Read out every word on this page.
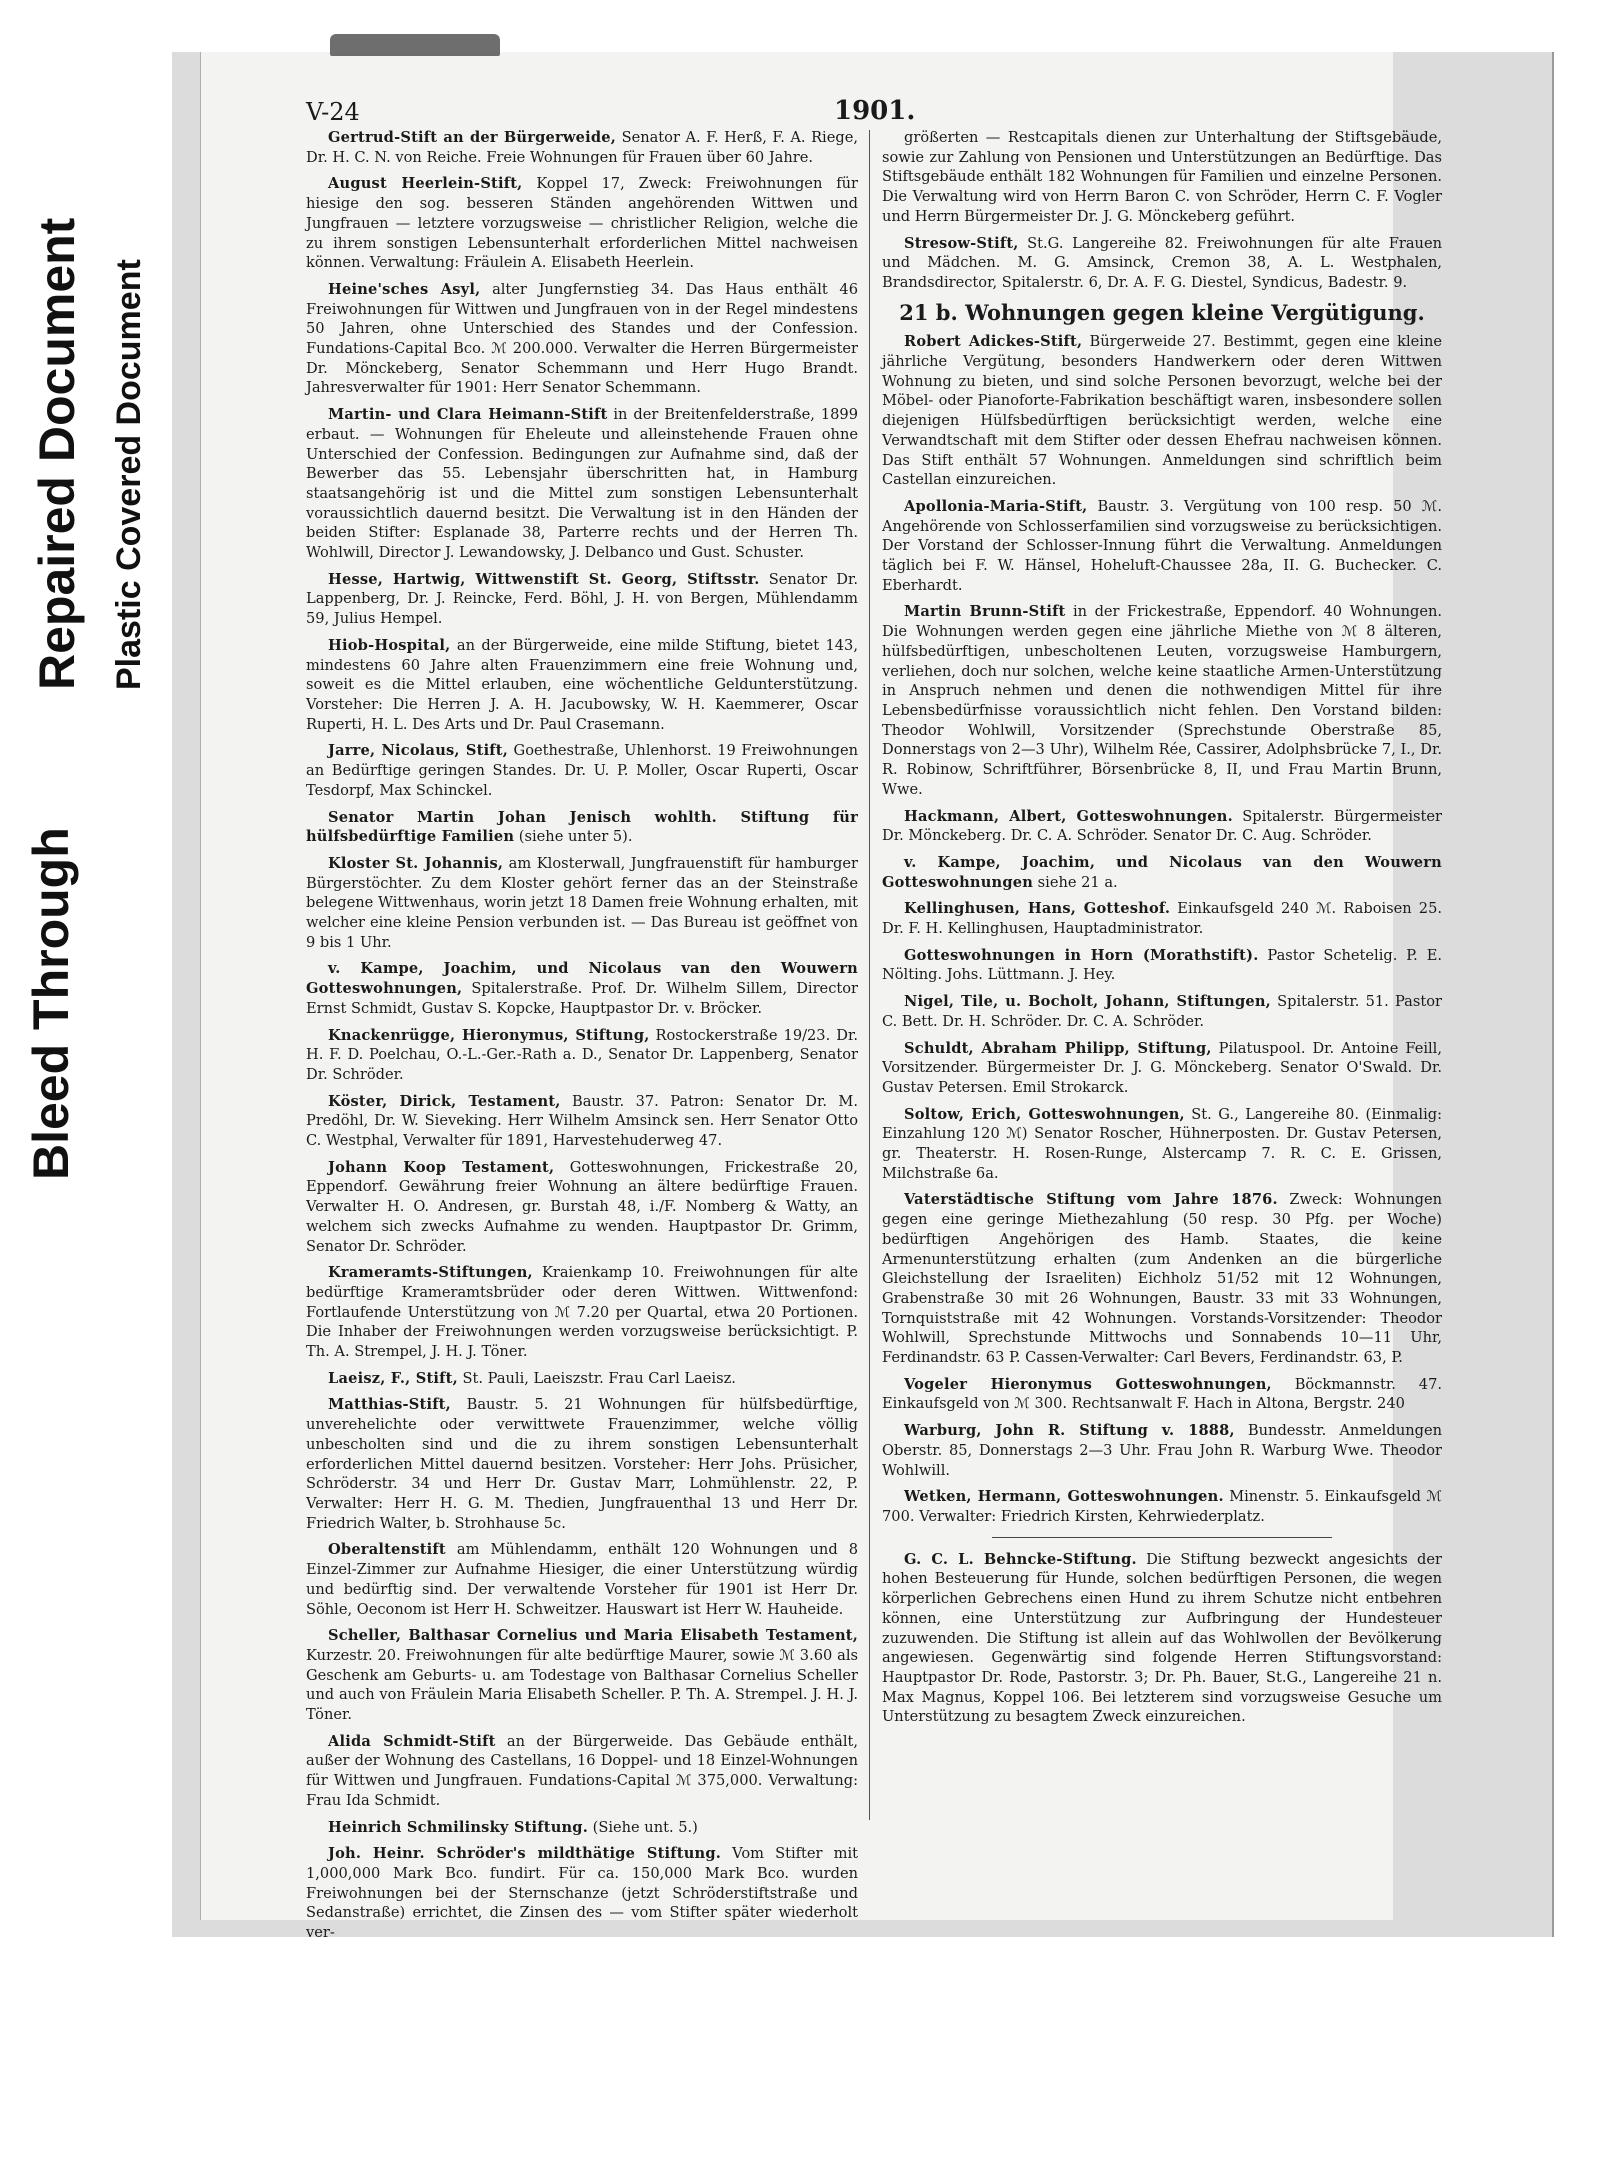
Bleed Through
Repaired Document Plastic Covered Document
V-24	1901.

Gertrud-Stift an der Bürgerweide, Senator A. F. Herß, F. A. Riege, Dr. H. C. N. von Reiche. Freie Wohnungen für Frauen über 60 Jahre.

August Heerlein-Stift, Koppel 17, Zweck: Freiwohnungen für hiesige den sog. besseren Ständen angehörenden Wittwen und Jungfrauen — letztere vorzugsweise — christlicher Religion, welche die zu ihrem sonstigen Lebensunterhalt erforderlichen Mittel nachweisen können. Verwaltung: Fräulein A. Elisabeth Heerlein.

Heine'sches Asyl, alter Jungfernstieg 34. Das Haus enthält 46 Freiwohnungen für Wittwen und Jungfrauen von in der Regel mindestens 50 Jahren, ohne Unterschied des Standes und der Confession. Fundations-Capital Bco. ℳ 200.000. Verwalter die Herren Bürgermeister Dr. Mönckeberg, Senator Schemmann und Herr Hugo Brandt. Jahresverwalter für 1901: Herr Senator Schemmann.

Martin- und Clara Heimann-Stift in der Breitenfelderstraße, 1899 erbaut. — Wohnungen für Eheleute und alleinstehende Frauen ohne Unterschied der Confession. Bedingungen zur Aufnahme sind, daß der Bewerber das 55. Lebensjahr überschritten hat, in Hamburg staatsangehörig ist und die Mittel zum sonstigen Lebensunterhalt voraussichtlich dauernd besitzt. Die Verwaltung ist in den Händen der beiden Stifter: Esplanade 38, Parterre rechts und der Herren Th. Wohlwill, Director J. Lewandowsky, J. Delbanco und Gust. Schuster.

Hesse, Hartwig, Wittwenstift St. Georg, Stiftsstr. Senator Dr. Lappenberg, Dr. J. Reincke, Ferd. Böhl, J. H. von Bergen, Mühlendamm 59, Julius Hempel.

Hiob-Hospital, an der Bürgerweide, eine milde Stiftung, bietet 143, mindestens 60 Jahre alten Frauenzimmern eine freie Wohnung und, soweit es die Mittel erlauben, eine wöchentliche Geldunterstützung. Vorsteher: Die Herren J. A. H. Jacubowsky, W. H. Kaemmerer, Oscar Ruperti, H. L. Des Arts und Dr. Paul Crasemann.

Jarre, Nicolaus, Stift, Goethestraße, Uhlenhorst. 19 Freiwohnungen an Bedürftige geringen Standes. Dr. U. P. Moller, Oscar Ruperti, Oscar Tesdorpf, Max Schinckel.

Senator Martin Johan Jenisch wohlth. Stiftung für hülfsbedürftige Familien (siehe unter 5).

Kloster St. Johannis, am Klosterwall, Jungfrauenstift für hamburger Bürgerstöchter. Zu dem Kloster gehört ferner das an der Steinstraße belegene Wittwenhaus, worin jetzt 18 Damen freie Wohnung erhalten, mit welcher eine kleine Pension verbunden ist. — Das Bureau ist geöffnet von 9 bis 1 Uhr.

v. Kampe, Joachim, und Nicolaus van den Wouwern Gotteswohnungen, Spitalerstraße. Prof. Dr. Wilhelm Sillem, Director Ernst Schmidt, Gustav S. Kopcke, Hauptpastor Dr. v. Bröcker.

Knackenrügge, Hieronymus, Stiftung, Rostockerstraße 19/23. Dr. H. F. D. Poelchau, O.-L.-Ger.-Rath a. D., Senator Dr. Lappenberg, Senator Dr. Schröder.

Köster, Dirick, Testament, Baustr. 37. Patron: Senator Dr. M. Predöhl, Dr. W. Sieveking. Herr Wilhelm Amsinck sen. Herr Senator Otto C. Westphal, Verwalter für 1891, Harvestehuderweg 47.

Johann Koop Testament, Gotteswohnungen, Frickestraße 20, Eppendorf. Gewährung freier Wohnung an ältere bedürftige Frauen. Verwalter H. O. Andresen, gr. Burstah 48, i./F. Nomberg & Watty, an welchem sich zwecks Aufnahme zu wenden. Hauptpastor Dr. Grimm, Senator Dr. Schröder.

Krameramts-Stiftungen, Kraienkamp 10. Freiwohnungen für alte bedürftige Krameramtsbrüder oder deren Wittwen. Wittwenfond: Fortlaufende Unterstützung von ℳ 7.20 per Quartal, etwa 20 Portionen. Die Inhaber der Freiwohnungen werden vorzugsweise berücksichtigt. P. Th. A. Strempel, J. H. J. Töner.

Laeisz, F., Stift, St. Pauli, Laeiszstr. Frau Carl Laeisz.

Matthias-Stift, Baustr. 5. 21 Wohnungen für hülfsbedürftige, unverehelichte oder verwittwete Frauenzimmer, welche völlig unbescholten sind und die zu ihrem sonstigen Lebensunterhalt erforderlichen Mittel dauernd besitzen. Vorsteher: Herr Johs. Prüsicher, Schröderstr. 34 und Herr Dr. Gustav Marr, Lohmühlenstr. 22, P. Verwalter: Herr H. G. M. Thedien, Jungfrauenthal 13 und Herr Dr. Friedrich Walter, b. Strohhause 5c.

Oberaltenstift am Mühlendamm, enthält 120 Wohnungen und 8 Einzel-Zimmer zur Aufnahme Hiesiger, die einer Unterstützung würdig und bedürftig sind. Der verwaltende Vorsteher für 1901 ist Herr Dr. Söhle, Oeconom ist Herr H. Schweitzer. Hauswart ist Herr W. Hauheide.

Scheller, Balthasar Cornelius und Maria Elisabeth Testament, Kurzestr. 20. Freiwohnungen für alte bedürftige Maurer, sowie ℳ 3.60 als Geschenk am Geburts- u. am Todestage von Balthasar Cornelius Scheller und auch von Fräulein Maria Elisabeth Scheller. P. Th. A. Strempel. J. H. J. Töner.

Alida Schmidt-Stift an der Bürgerweide. Das Gebäude enthält, außer der Wohnung des Castellans, 16 Doppel- und 18 Einzel-Wohnungen für Wittwen und Jungfrauen. Fundations-Capital ℳ 375,000. Verwaltung: Frau Ida Schmidt.

Heinrich Schmilinsky Stiftung. (Siehe unt. 5.)

Joh. Heinr. Schröder's mildthätige Stiftung. Vom Stifter mit 1,000,000 Mark Bco. fundirt. Für ca. 150,000 Mark Bco. wurden Freiwohnungen bei der Sternschanze (jetzt Schröderstiftstraße und Sedanstraße) errichtet, die Zinsen des — vom Stifter später wiederholt ver-

größerten — Restcapitals dienen zur Unterhaltung der Stiftsgebäude, sowie zur Zahlung von Pensionen und Unterstützungen an Bedürftige. Das Stiftsgebäude enthält 182 Wohnungen für Familien und einzelne Personen. Die Verwaltung wird von Herrn Baron C. von Schröder, Herrn C. F. Vogler und Herrn Bürgermeister Dr. J. G. Mönckeberg geführt.

Stresow-Stift, St.G. Langereihe 82. Freiwohnungen für alte Frauen und Mädchen. M. G. Amsinck, Cremon 38, A. L. Westphalen, Brandsdirector, Spitalerstr. 6, Dr. A. F. G. Diestel, Syndicus, Badestr. 9.

21 b. Wohnungen gegen kleine Vergütigung.

Robert Adickes-Stift, Bürgerweide 27. Bestimmt, gegen eine kleine jährliche Vergütung, besonders Handwerkern oder deren Wittwen Wohnung zu bieten, und sind solche Personen bevorzugt, welche bei der Möbel- oder Pianoforte-Fabrikation beschäftigt waren, insbesondere sollen diejenigen Hülfsbedürftigen berücksichtigt werden, welche eine Verwandtschaft mit dem Stifter oder dessen Ehefrau nachweisen können. Das Stift enthält 57 Wohnungen. Anmeldungen sind schriftlich beim Castellan einzureichen.

Apollonia-Maria-Stift, Baustr. 3. Vergütung von 100 resp. 50 ℳ. Angehörende von Schlosserfamilien sind vorzugsweise zu berücksichtigen. Der Vorstand der Schlosser-Innung führt die Verwaltung. Anmeldungen täglich bei F. W. Hänsel, Hoheluft-Chaussee 28a, II. G. Buchecker. C. Eberhardt.

Martin Brunn-Stift in der Frickestraße, Eppendorf. 40 Wohnungen. Die Wohnungen werden gegen eine jährliche Miethe von ℳ 8 älteren, hülfsbedürftigen, unbescholtenen Leuten, vorzugsweise Hamburgern, verliehen, doch nur solchen, welche keine staatliche Armen-Unterstützung in Anspruch nehmen und denen die nothwendigen Mittel für ihre Lebensbedürfnisse voraussichtlich nicht fehlen. Den Vorstand bilden: Theodor Wohlwill, Vorsitzender (Sprechstunde Oberstraße 85, Donnerstags von 2—3 Uhr), Wilhelm Rée, Cassirer, Adolphsbrücke 7, I., Dr. R. Robinow, Schriftführer, Börsenbrücke 8, II, und Frau Martin Brunn, Wwe.

Hackmann, Albert, Gotteswohnungen. Spitalerstr. Bürgermeister Dr. Mönckeberg. Dr. C. A. Schröder. Senator Dr. C. Aug. Schröder.

v. Kampe, Joachim, und Nicolaus van den Wouwern Gotteswohnungen siehe 21 a.

Kellinghusen, Hans, Gotteshof. Einkaufsgeld 240 ℳ. Raboisen 25. Dr. F. H. Kellinghusen, Hauptadministrator.

Gotteswohnungen in Horn (Morathstift). Pastor Schetelig. P. E. Nölting. Johs. Lüttmann. J. Hey.

Nigel, Tile, u. Bocholt, Johann, Stiftungen, Spitalerstr. 51. Pastor C. Bett. Dr. H. Schröder. Dr. C. A. Schröder.

Schuldt, Abraham Philipp, Stiftung, Pilatuspool. Dr. Antoine Feill, Vorsitzender. Bürgermeister Dr. J. G. Mönckeberg. Senator O'Swald. Dr. Gustav Petersen. Emil Strokarck.

Soltow, Erich, Gotteswohnungen, St. G., Langereihe 80. (Einmalig: Einzahlung 120 ℳ) Senator Roscher, Hühnerposten. Dr. Gustav Petersen, gr. Theaterstr. H. Rosen-Runge, Alstercamp 7. R. C. E. Grissen, Milchstraße 6a.

Vaterstädtische Stiftung vom Jahre 1876. Zweck: Wohnungen gegen eine geringe Miethezahlung (50 resp. 30 Pfg. per Woche) bedürftigen Angehörigen des Hamb. Staates, die keine Armenunterstützung erhalten (zum Andenken an die bürgerliche Gleichstellung der Israeliten) Eichholz 51/52 mit 12 Wohnungen, Grabenstraße 30 mit 26 Wohnungen, Baustr. 33 mit 33 Wohnungen, Tornquiststraße mit 42 Wohnungen. Vorstands-Vorsitzender: Theodor Wohlwill, Sprechstunde Mittwochs und Sonnabends 10—11 Uhr, Ferdinandstr. 63 P. Cassen-Verwalter: Carl Bevers, Ferdinandstr. 63, P.

Vogeler Hieronymus Gotteswohnungen, Böckmannstr. 47. Einkaufsgeld von ℳ 300. Rechtsanwalt F. Hach in Altona, Bergstr. 240

Warburg, John R. Stiftung v. 1888, Bundesstr. Anmeldungen Oberstr. 85, Donnerstags 2—3 Uhr. Frau John R. Warburg Wwe. Theodor Wohlwill.

Wetken, Hermann, Gotteswohnungen. Minenstr. 5. Einkaufsgeld ℳ 700. Verwalter: Friedrich Kirsten, Kehrwiederplatz.

G. C. L. Behncke-Stiftung. Die Stiftung bezweckt angesichts der hohen Besteuerung für Hunde, solchen bedürftigen Personen, die wegen körperlichen Gebrechens einen Hund zu ihrem Schutze nicht entbehren können, eine Unterstützung zur Aufbringung der Hundesteuer zuzuwenden. Die Stiftung ist allein auf das Wohlwollen der Bevölkerung angewiesen. Gegenwärtig sind folgende Herren Stiftungsvorstand: Hauptpastor Dr. Rode, Pastorstr. 3; Dr. Ph. Bauer, St.G., Langereihe 21 n. Max Magnus, Koppel 106. Bei letzterem sind vorzugsweise Gesuche um Unterstützung zu besagtem Zweck einzureichen.
